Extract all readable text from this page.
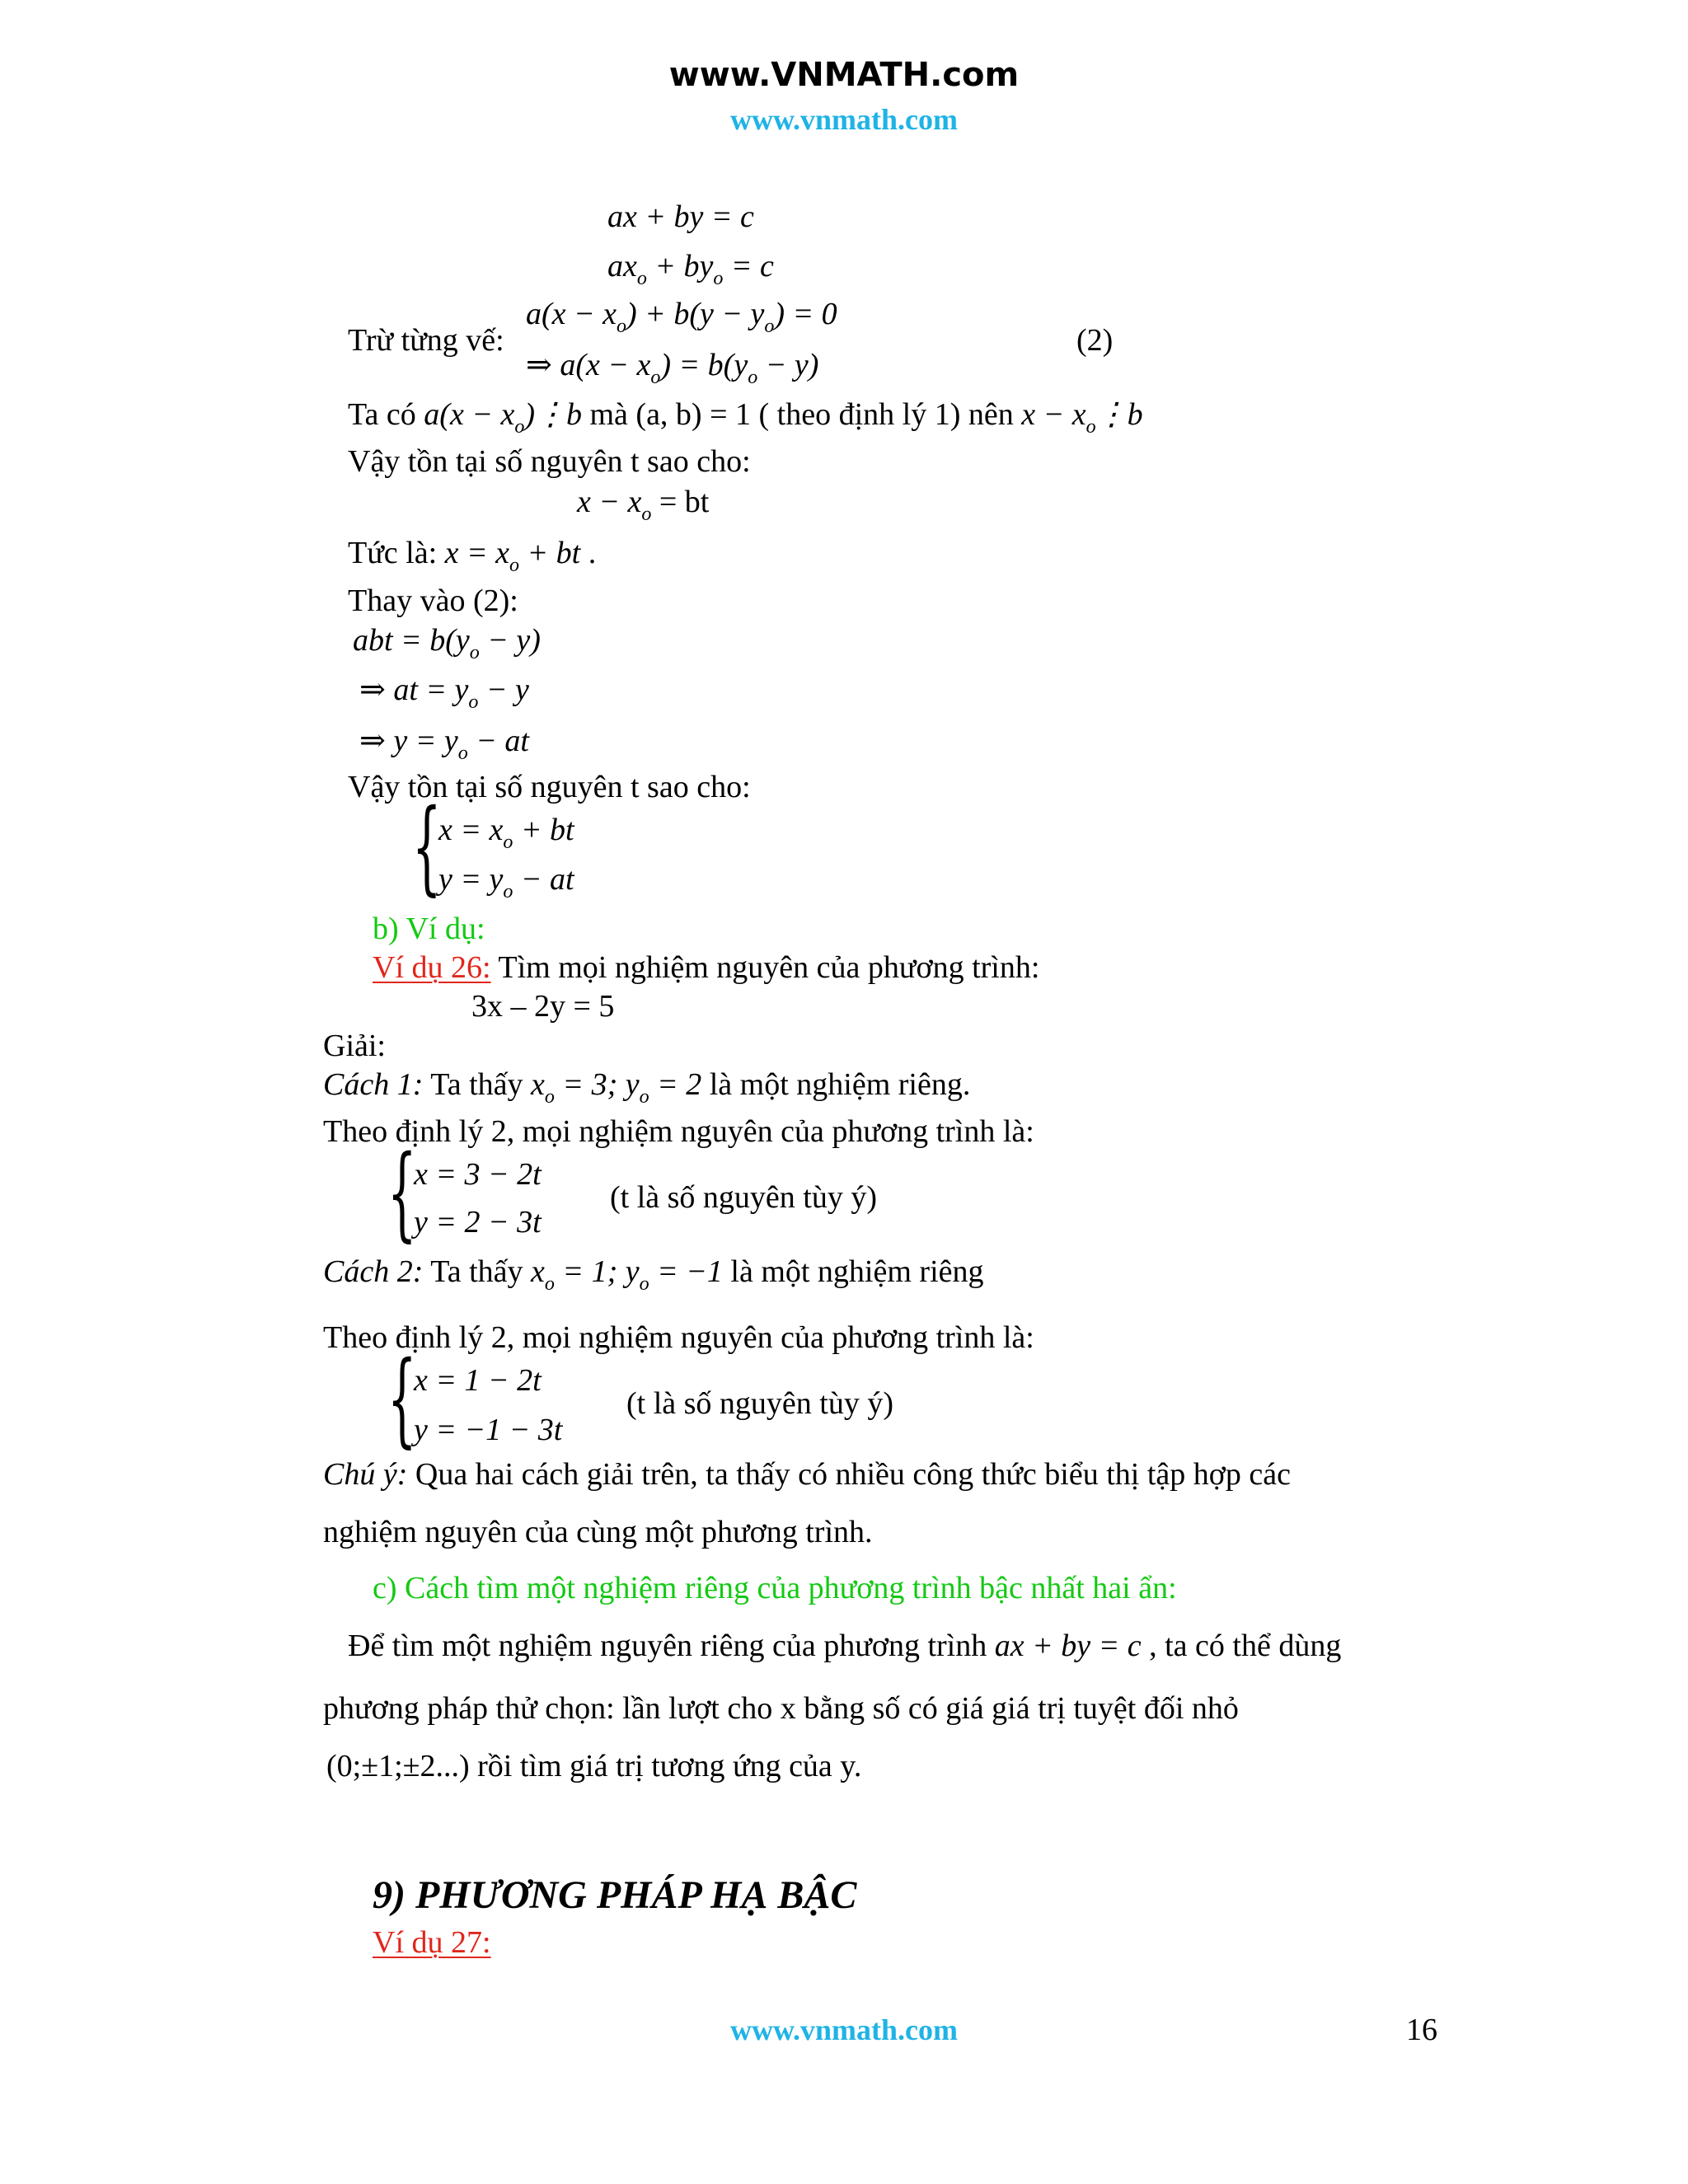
www.VNMATH.com
www.vnmath.com
ax + by = c
$ax_o + by_o = c$
Trừ từng vế:
$a(x - x_o) + b(y - y_o) = 0$
⇒ $a(x - x_o) = b(y_o - y)$
(2)
Ta có $a(x - x_o)⋮b$ mà (a, b) = 1 ( theo định lý 1) nên $x - x_o⋮b$
Vậy tồn tại số nguyên t sao cho:
$x - x_o$ = bt
Tức là: $x = x_o$ + bt .
Thay vào (2):
abt = $b(y_o - y)$
⇒ at = $y_o - y$
⇒ $y = y_o$ − at
Vậy tồn tại số nguyên t sao cho:
{
$x = x_o$ + bt
$y = y_o$ − at
b) Ví dụ:
Ví dụ 26: Tìm mọi nghiệm nguyên của phương trình:
3x – 2y = 5
Giải:
Cách 1: Ta thấy $x_o = 3$; $y_o = 2$ là một nghiệm riêng.
Theo định lý 2, mọi nghiệm nguyên của phương trình là:
{
x = 3 − 2t
y = 2 − 3t
(t là số nguyên tùy ý)
Cách 2: Ta thấy $x_o = 1$; $y_o = -1$ là một nghiệm riêng
Theo định lý 2, mọi nghiệm nguyên của phương trình là:
{
x = 1 − 2t
y = −1 − 3t
(t là số nguyên tùy ý)
Chú ý: Qua hai cách giải trên, ta thấy có nhiều công thức biểu thị tập hợp các
nghiệm nguyên của cùng một phương trình.
c) Cách tìm một nghiệm riêng của phương trình bậc nhất hai ẩn:
Để tìm một nghiệm nguyên riêng của phương trình ax + by = c , ta có thể dùng
phương pháp thử chọn: lần lượt cho x bằng số có giá giá trị tuyệt đối nhỏ
(0;±1;±2...) rồi tìm giá trị tương ứng của y.
9) PHƯƠNG PHÁP HẠ BẬC
Ví dụ 27:
www.vnmath.com	16
